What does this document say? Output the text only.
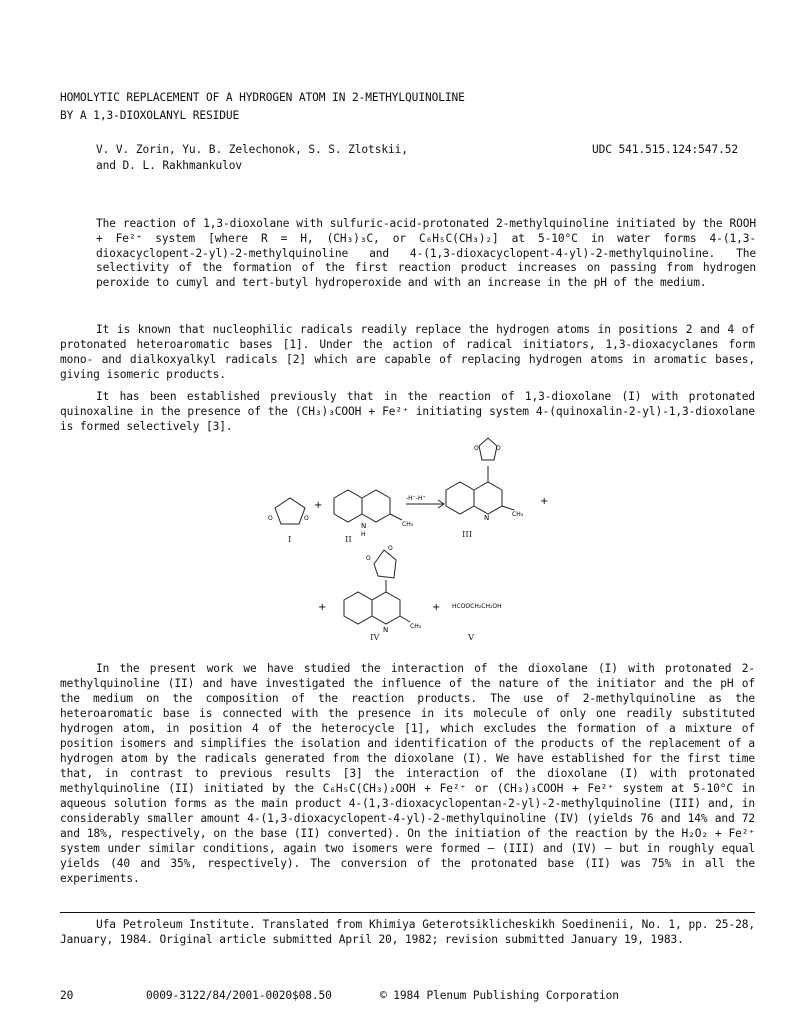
HOMOLYTIC REPLACEMENT OF A HYDROGEN ATOM IN 2-METHYLQUINOLINE
BY A 1,3-DIOXOLANYL RESIDUE
V. V. Zorin, Yu. B. Zelechonok, S. S. Zlotskii,
and D. L. Rakhmankulov
UDC 541.515.124:547.52
The reaction of 1,3-dioxolane with sulfuric-acid-protonated 2-methylquinoline initiated by the ROOH + Fe²⁺ system [where R = H, (CH₃)₃C, or C₆H₅C(CH₃)₂] at 5-10°C in water forms 4-(1,3-dioxacyclopent-2-yl)-2-methylquinoline and 4-(1,3-dioxacyclopent-4-yl)-2-methylquinoline. The selectivity of the formation of the first reaction product increases on passing from hydrogen peroxide to cumyl and tert-butyl hydroperoxide and with an increase in the pH of the medium.
It is known that nucleophilic radicals readily replace the hydrogen atoms in positions 2 and 4 of protonated heteroaromatic bases [1]. Under the action of radical initiators, 1,3-dioxacyclanes form mono- and dialkoxyalkyl radicals [2] which are capable of replacing hydrogen atoms in aromatic bases, giving isomeric products.
It has been established previously that in the reaction of 1,3-dioxolane (I) with protonated quinoxaline in the presence of the (CH₃)₃COOH + Fe²⁺ initiating system 4-(quinoxalin-2-yl)-1,3-dioxolane is formed selectively [3].
O	O
+
N
H
CH₃
-H⁻-H⁺
O	O
N	CH₃
+
+
O
O
N	CH₃
+ HCOOCH₂CH₂OH
I	II	III
IV	V
In the present work we have studied the interaction of the dioxolane (I) with protonated 2-methylquinoline (II) and have investigated the influence of the nature of the initiator and the pH of the medium on the composition of the reaction products. The use of 2-methylquinoline as the heteroaromatic base is connected with the presence in its molecule of only one readily substituted hydrogen atom, in position 4 of the heterocycle [1], which excludes the formation of a mixture of position isomers and simplifies the isolation and identification of the products of the replacement of a hydrogen atom by the radicals generated from the dioxolane (I). We have established for the first time that, in contrast to previous results [3] the interaction of the dioxolane (I) with protonated methylquinoline (II) initiated by the C₆H₅C(CH₃)₂OOH + Fe²⁺ or (CH₃)₃COOH + Fe²⁺ system at 5-10°C in aqueous solution forms as the main product 4-(1,3-dioxacyclopentan-2-yl)-2-methylquinoline (III) and, in considerably smaller amount 4-(1,3-dioxacyclopent-4-yl)-2-methylquinoline (IV) (yields 76 and 14% and 72 and 18%, respectively, on the base (II) converted). On the initiation of the reaction by the H₂O₂ + Fe²⁺ system under similar conditions, again two isomers were formed — (III) and (IV) — but in roughly equal yields (40 and 35%, respectively). The conversion of the protonated base (II) was 75% in all the experiments.
Ufa Petroleum Institute. Translated from Khimiya Geterotsiklicheskikh Soedinenii, No. 1, pp. 25-28, January, 1984. Original article submitted April 20, 1982; revision submitted January 19, 1983.
20	0009-3122/84/2001-0020$08.50	© 1984 Plenum Publishing Corporation
